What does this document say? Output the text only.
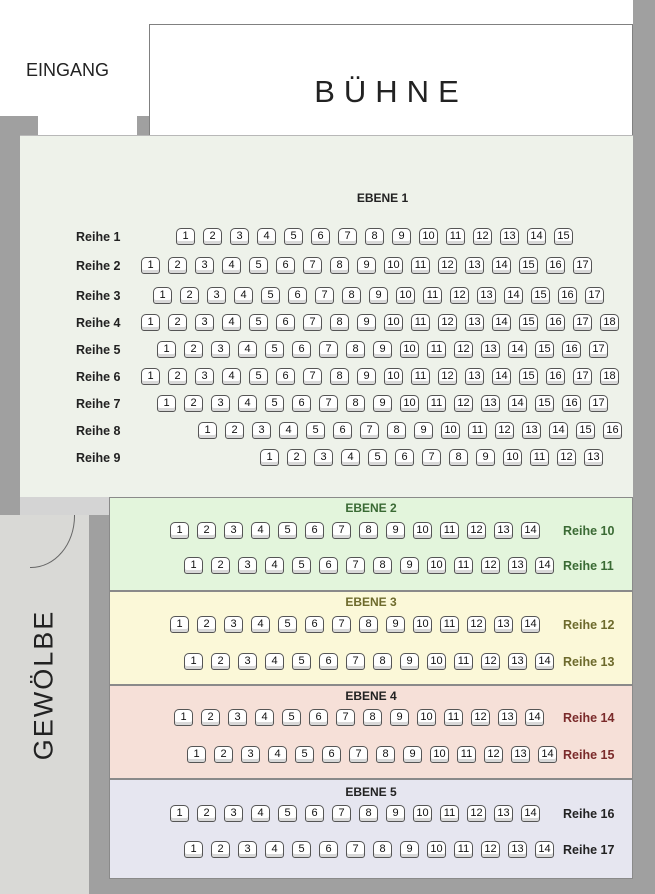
EINGANG
BÜHNE
GEWÖLBE
EBENE 1
Reihe 1	1	2	3	4	5	6	7	8	9	10	11	12	13	14	15
Reihe 2	1	2	3	4	5	6	7	8	9	10	11	12	13	14	15	16	17
Reihe 3	1	2	3	4	5	6	7	8	9	10	11	12	13	14	15	16	17
Reihe 4	1	2	3	4	5	6	7	8	9	10	11	12	13	14	15	16	17	18
Reihe 5	1	2	3	4	5	6	7	8	9	10	11	12	13	14	15	16	17
Reihe 6	1	2	3	4	5	6	7	8	9	10	11	12	13	14	15	16	17	18
Reihe 7	1	2	3	4	5	6	7	8	9	10	11	12	13	14	15	16	17
Reihe 8	1	2	3	4	5	6	7	8	9	10	11	12	13	14	15	16
Reihe 9	1	2	3	4	5	6	7	8	9	10	11	12	13
EBENE 2
1	2	3	4	5	6	7	8	9	10	11	12	13	14 Reihe 10
1	2	3	4	5	6	7	8	9	10	11	12	13	14 Reihe 11
EBENE 3
1	2	3	4	5	6	7	8	9	10	11	12	13	14 Reihe 12
1	2	3	4	5	6	7	8	9	10	11	12	13	14 Reihe 13
EBENE 4
1	2	3	4	5	6	7	8	9	10	11	12	13	14 Reihe 14
1	2	3	4	5	6	7	8	9	10	11	12	13	14 Reihe 15
EBENE 5
1	2	3	4	5	6	7	8	9	10	11	12	13	14 Reihe 16
1	2	3	4	5	6	7	8	9	10	11	12	13	14 Reihe 17
